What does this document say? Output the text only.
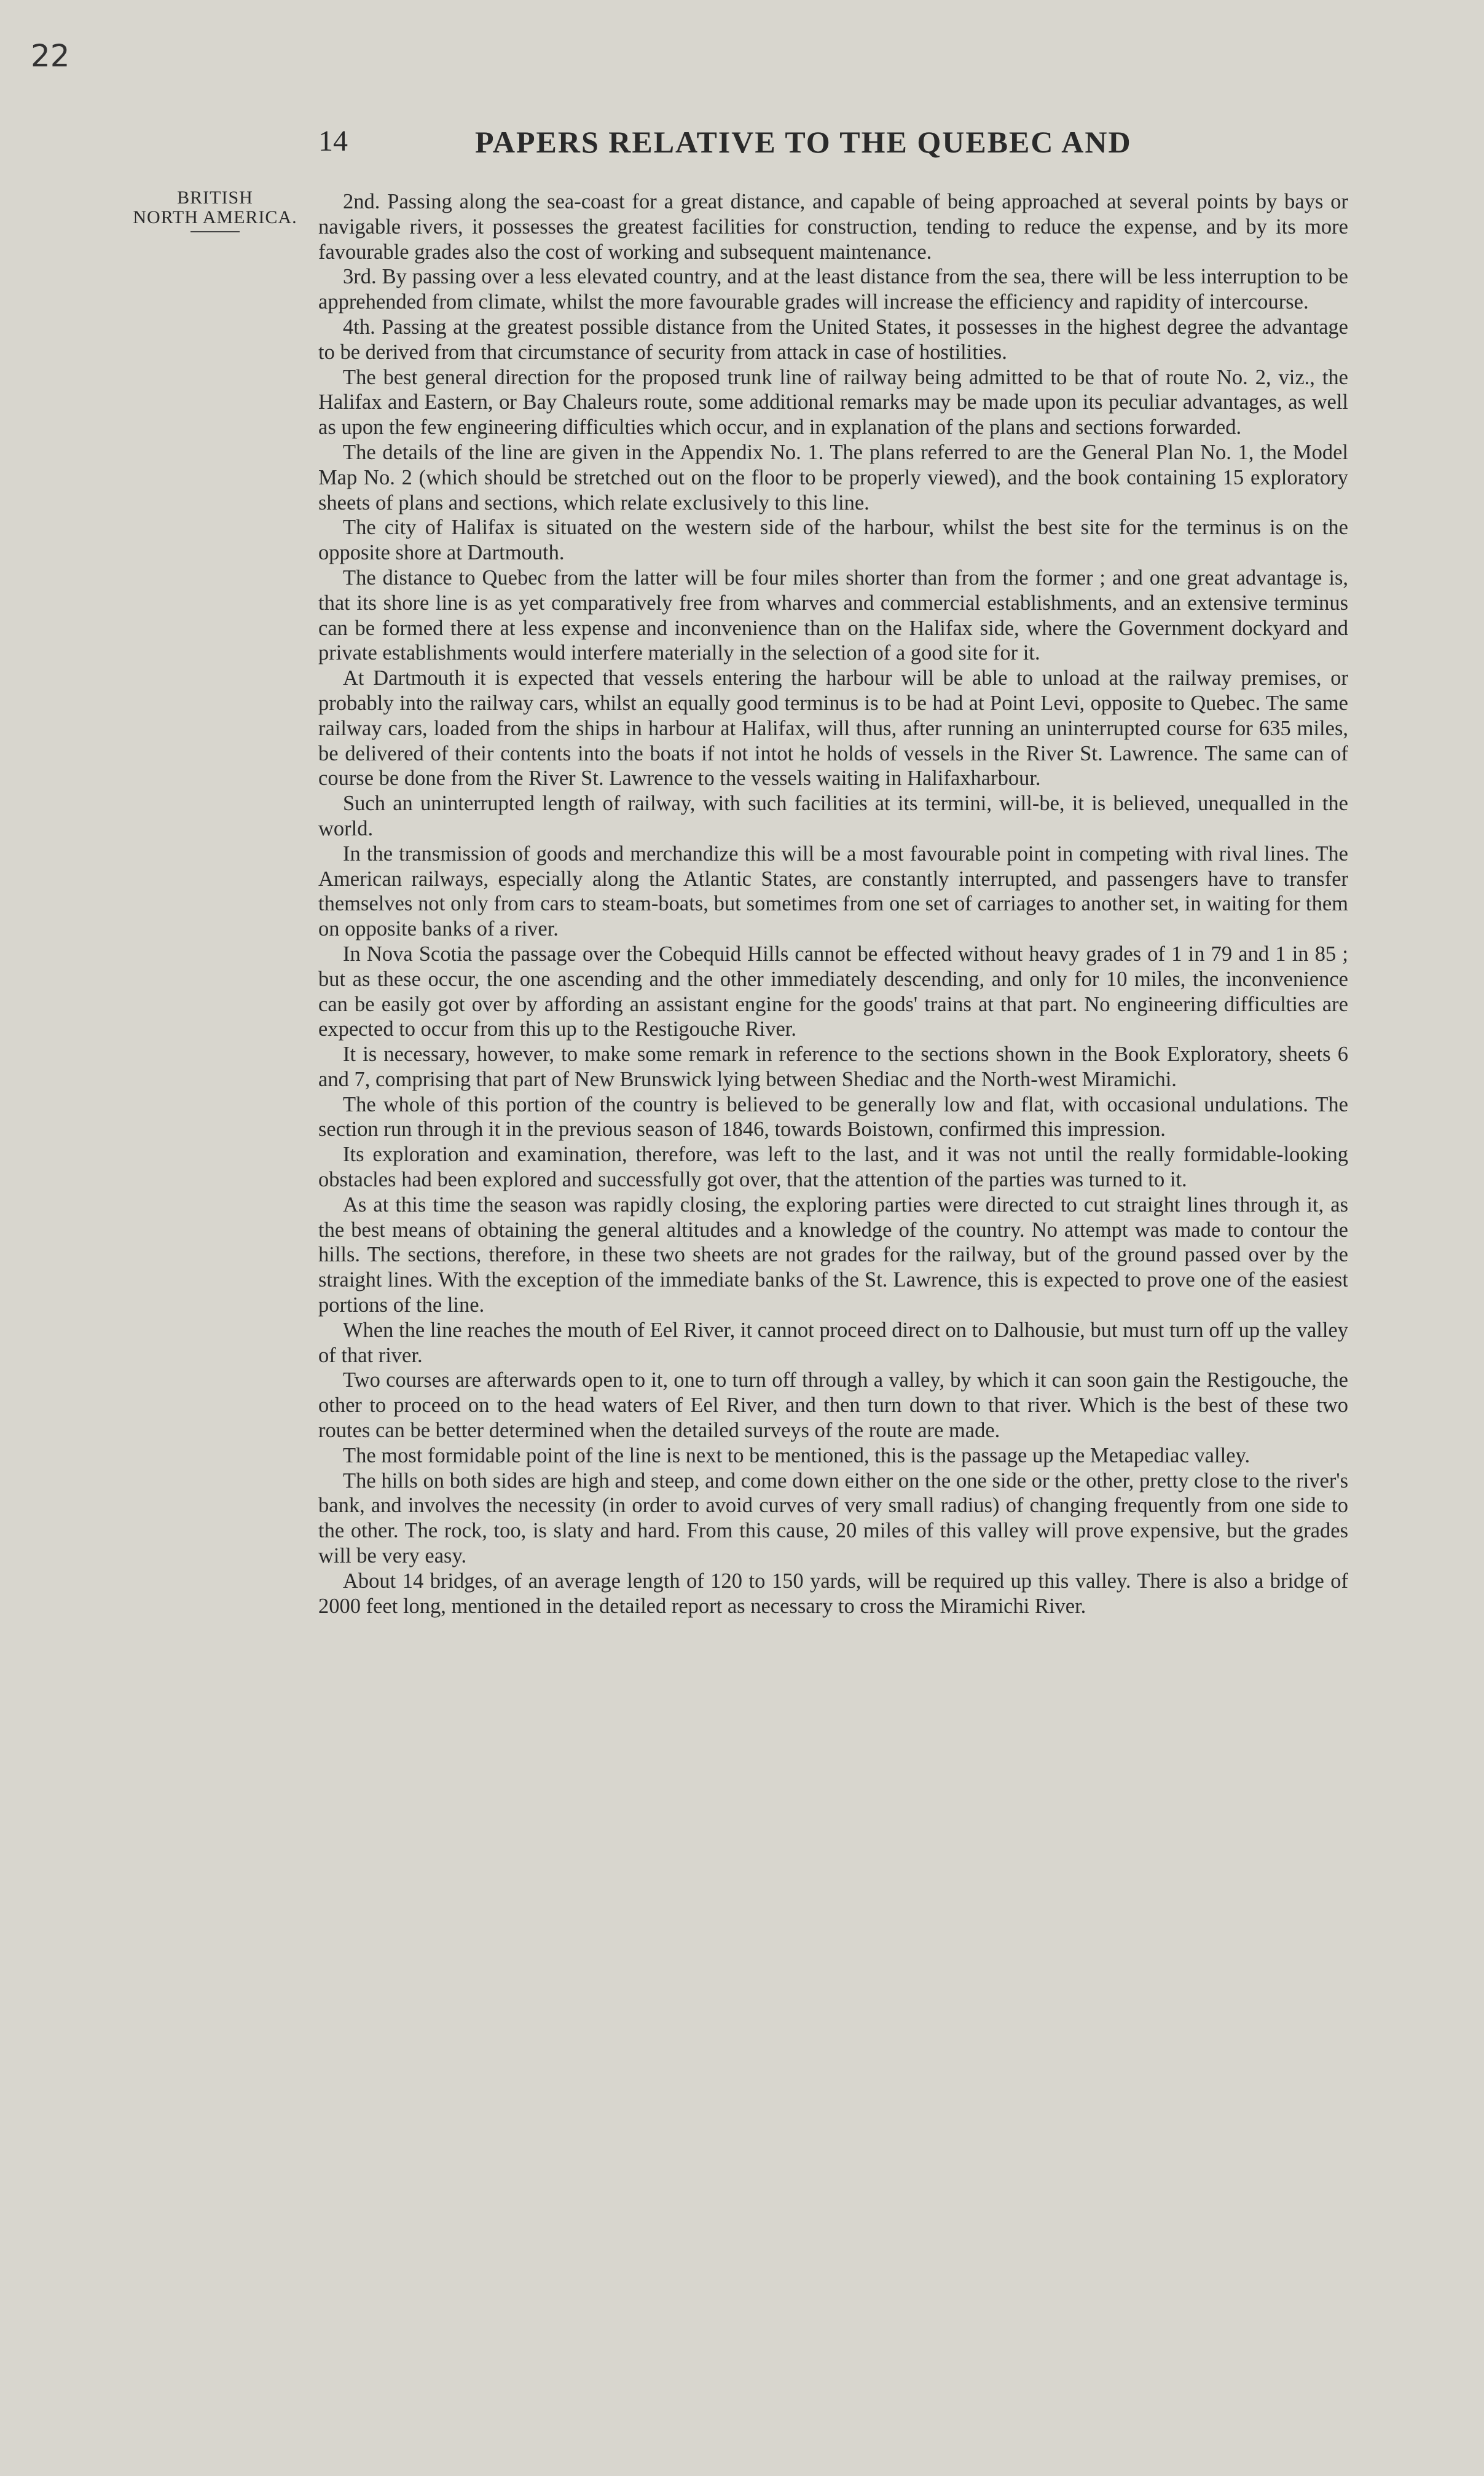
22
14	PAPERS RELATIVE TO THE QUEBEC AND
BRITISH
NORTH AMERICA.

2nd. Passing along the sea-coast for a great distance, and capable of being approached at several points by bays or navigable rivers, it possesses the greatest facilities for construction, tending to reduce the expense, and by its more favourable grades also the cost of working and subsequent maintenance.

3rd. By passing over a less elevated country, and at the least distance from the sea, there will be less interruption to be apprehended from climate, whilst the more favourable grades will increase the efficiency and rapidity of intercourse.

4th. Passing at the greatest possible distance from the United States, it possesses in the highest degree the advantage to be derived from that circumstance of security from attack in case of hostilities.

The best general direction for the proposed trunk line of railway being admitted to be that of route No. 2, viz., the Halifax and Eastern, or Bay Chaleurs route, some additional remarks may be made upon its peculiar advantages, as well as upon the few engineering difficulties which occur, and in explanation of the plans and sections forwarded.

The details of the line are given in the Appendix No. 1. The plans referred to are the General Plan No. 1, the Model Map No. 2 (which should be stretched out on the floor to be properly viewed), and the book containing 15 exploratory sheets of plans and sections, which relate exclusively to this line.

The city of Halifax is situated on the western side of the harbour, whilst the best site for the terminus is on the opposite shore at Dartmouth.

The distance to Quebec from the latter will be four miles shorter than from the former ; and one great advantage is, that its shore line is as yet comparatively free from wharves and commercial establishments, and an extensive terminus can be formed there at less expense and inconvenience than on the Halifax side, where the Government dockyard and private establishments would interfere materially in the selection of a good site for it.

At Dartmouth it is expected that vessels entering the harbour will be able to unload at the railway premises, or probably into the railway cars, whilst an equally good terminus is to be had at Point Levi, opposite to Quebec. The same railway cars, loaded from the ships in harbour at Halifax, will thus, after running an uninterrupted course for 635 miles, be delivered of their contents into the boats if not intot he holds of vessels in the River St. Lawrence. The same can of course be done from the River St. Lawrence to the vessels waiting in Halifaxharbour.

Such an uninterrupted length of railway, with such facilities at its termini, will-be, it is believed, unequalled in the world.

In the transmission of goods and merchandize this will be a most favourable point in competing with rival lines. The American railways, especially along the Atlantic States, are constantly interrupted, and passengers have to transfer themselves not only from cars to steam-boats, but sometimes from one set of carriages to another set, in waiting for them on opposite banks of a river.

In Nova Scotia the passage over the Cobequid Hills cannot be effected without heavy grades of 1 in 79 and 1 in 85 ; but as these occur, the one ascending and the other immediately descending, and only for 10 miles, the inconvenience can be easily got over by affording an assistant engine for the goods' trains at that part. No engineering difficulties are expected to occur from this up to the Restigouche River.

It is necessary, however, to make some remark in reference to the sections shown in the Book Exploratory, sheets 6 and 7, comprising that part of New Brunswick lying between Shediac and the North-west Miramichi.

The whole of this portion of the country is believed to be generally low and flat, with occasional undulations. The section run through it in the previous season of 1846, towards Boistown, confirmed this impression.

Its exploration and examination, therefore, was left to the last, and it was not until the really formidable-looking obstacles had been explored and successfully got over, that the attention of the parties was turned to it.

As at this time the season was rapidly closing, the exploring parties were directed to cut straight lines through it, as the best means of obtaining the general altitudes and a knowledge of the country. No attempt was made to contour the hills. The sections, therefore, in these two sheets are not grades for the railway, but of the ground passed over by the straight lines. With the exception of the immediate banks of the St. Lawrence, this is expected to prove one of the easiest portions of the line.

When the line reaches the mouth of Eel River, it cannot proceed direct on to Dalhousie, but must turn off up the valley of that river.

Two courses are afterwards open to it, one to turn off through a valley, by which it can soon gain the Restigouche, the other to proceed on to the head waters of Eel River, and then turn down to that river. Which is the best of these two routes can be better determined when the detailed surveys of the route are made.

The most formidable point of the line is next to be mentioned, this is the passage up the Metapediac valley.

The hills on both sides are high and steep, and come down either on the one side or the other, pretty close to the river's bank, and involves the necessity (in order to avoid curves of very small radius) of changing frequently from one side to the other. The rock, too, is slaty and hard. From this cause, 20 miles of this valley will prove expensive, but the grades will be very easy.

About 14 bridges, of an average length of 120 to 150 yards, will be required up this valley. There is also a bridge of 2000 feet long, mentioned in the detailed report as necessary to cross the Miramichi River.
